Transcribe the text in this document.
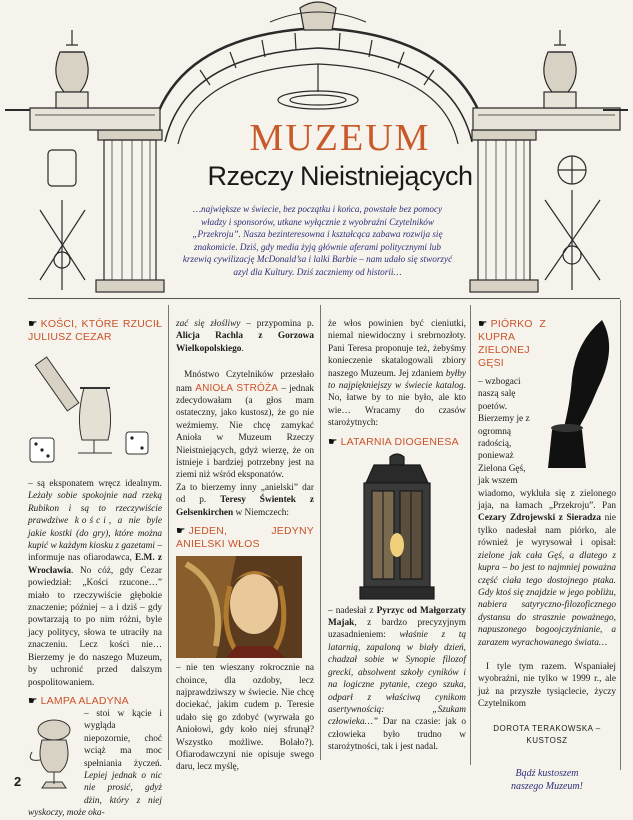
MUZEUM
Rzeczy Nieistniejących
…największe w świecie, bez początku i końca, powstałe bez pomocy władzy i sponsorów, utkane wyłącznie z wyobraźni Czytelników „Przekroju”. Nasza bezinteresowna i kształcąca zabawa rozwija się znakomicie. Dziś, gdy media żyją głównie aferami politycznymi lub krzewią cywilizację McDonald’sa i lalki Barbie – nam udało się stworzyć azyl dla Kultury. Dziś zaczniemy od historii…
☛ KOŚCI, KTÓRE RZUCIŁ JULIUSZ CEZAR

– są eksponatem wręcz idealnym. Leżały sobie spokojnie nad rzeką Rubikon i są to rzeczywiście prawdziwe kości, a nie byle jakie kostki (do gry), które można kupić w każdym kiosku z gazetami – informuje nas ofiarodawca, E.M. z Wrocławia. No cóż, gdy Cezar powiedział: „Kości rzucone…” miało to rzeczywiście głębokie znaczenie; później – a i dziś – gdy powtarzają to po nim różni, byle jacy politycy, słowa te utraciły na znaczeniu. Lecz kości nie… Bierzemy je do naszego Muzeum, by uchronić przed dalszym pospolitowaniem.

☛ LAMPA ALADYNA

– stoi w kącie i wygląda niepozornie, choć wciąż ma moc spełniania życzeń. Lepiej jednak o nic nie prosić, gdyż dżin, który z niej wyskoczy, może oka-

zać się złośliwy – przypomina p. Alicja Rachla z Gorzowa Wielkopolskiego.

Mnóstwo Czytelników przesłało nam ANIOŁA STRÓŻA – jednak zdecydowałam (a głos mam ostateczny, jako kustosz), że go nie weźmiemy. Nie chcę zamykać Anioła w Muzeum Rzeczy Nieistniejących, gdyż wierzę, że on istnieje i bardziej potrzebny jest na ziemi niż wśród eksponatów.

Za to bierzemy inny „anielski” dar od p. Teresy Świentek z Gelsenkirchen w Niemczech:

☛ JEDEN, JEDYNY ANIELSKI WŁOS

– nie ten wieszany rokrocznie na choince, dla ozdoby, lecz najprawdziwszy w świecie. Nie chcę dociekać, jakim cudem p. Teresie udało się go zdobyć (wyrwała go Aniołowi, gdy koło niej sfrunął? Wszystko możliwe. Bolało?). Ofiarodawczyni nie opisuje swego daru, lecz myślę,

że włos powinien być cieniutki, niemal niewidoczny i srebrnozłoty. Pani Teresa proponuje też, żebyśmy konieczenie skatalogowali zbiory naszego Muzeum. Jej zdaniem byłby to najpiękniejszy w świecie katalog. No, łatwe by to nie było, ale kto wie… Wracamy do czasów starożytnych:

☛ LATARNIA DIOGENESA

– nadesłał z Pyrzyc od Małgorzaty Majak, z bardzo precyzyjnym uzasadnieniem: właśnie z tą latarnią, zapaloną w biały dzień, chadzał sobie w Synopie filozof grecki, absolwent szkoły cyników i na logiczne pytanie, czego szuka, odparł z właściwą cynikom asertywnością: „Szukam człowieka…” Dar na czasie: jak o człowieka było trudno w starożytności, tak i jest nadal.

☛ PIÓRKO Z KUPRA ZIELONEJ GĘSI

– wzbogaci naszą salę poetów. Bierzemy je z ogromną radością, ponieważ Zielona Gęś, jak wszem

wiadomo, wykluła się z zielonego jaja, na łamach „Przekroju”. Pan Cezary Zdrojewski z Sieradza nie tylko nadesłał nam piórko, ale również je wyrysował i opisał: zielone jak cała Gęś, a dlatego z kupra – bo jest to najmniej poważna część ciała tego dostojnego ptaka. Gdy ktoś się znajdzie w jego pobliżu, nabiera satyryczno-filozoficznego dystansu do strasznie poważnego, napuszonego bogoojczyźnianie, a zarazem wyrachowanego świata…

I tyle tym razem. Wspaniałej wyobraźni, nie tylko w 1999 r., ale już na przyszłe tysiąclecie, życzy Czytelnikom

DOROTA TERAKOWSKA – KUSTOSZ

Bądź kustoszem
naszego Muzeum!

2
